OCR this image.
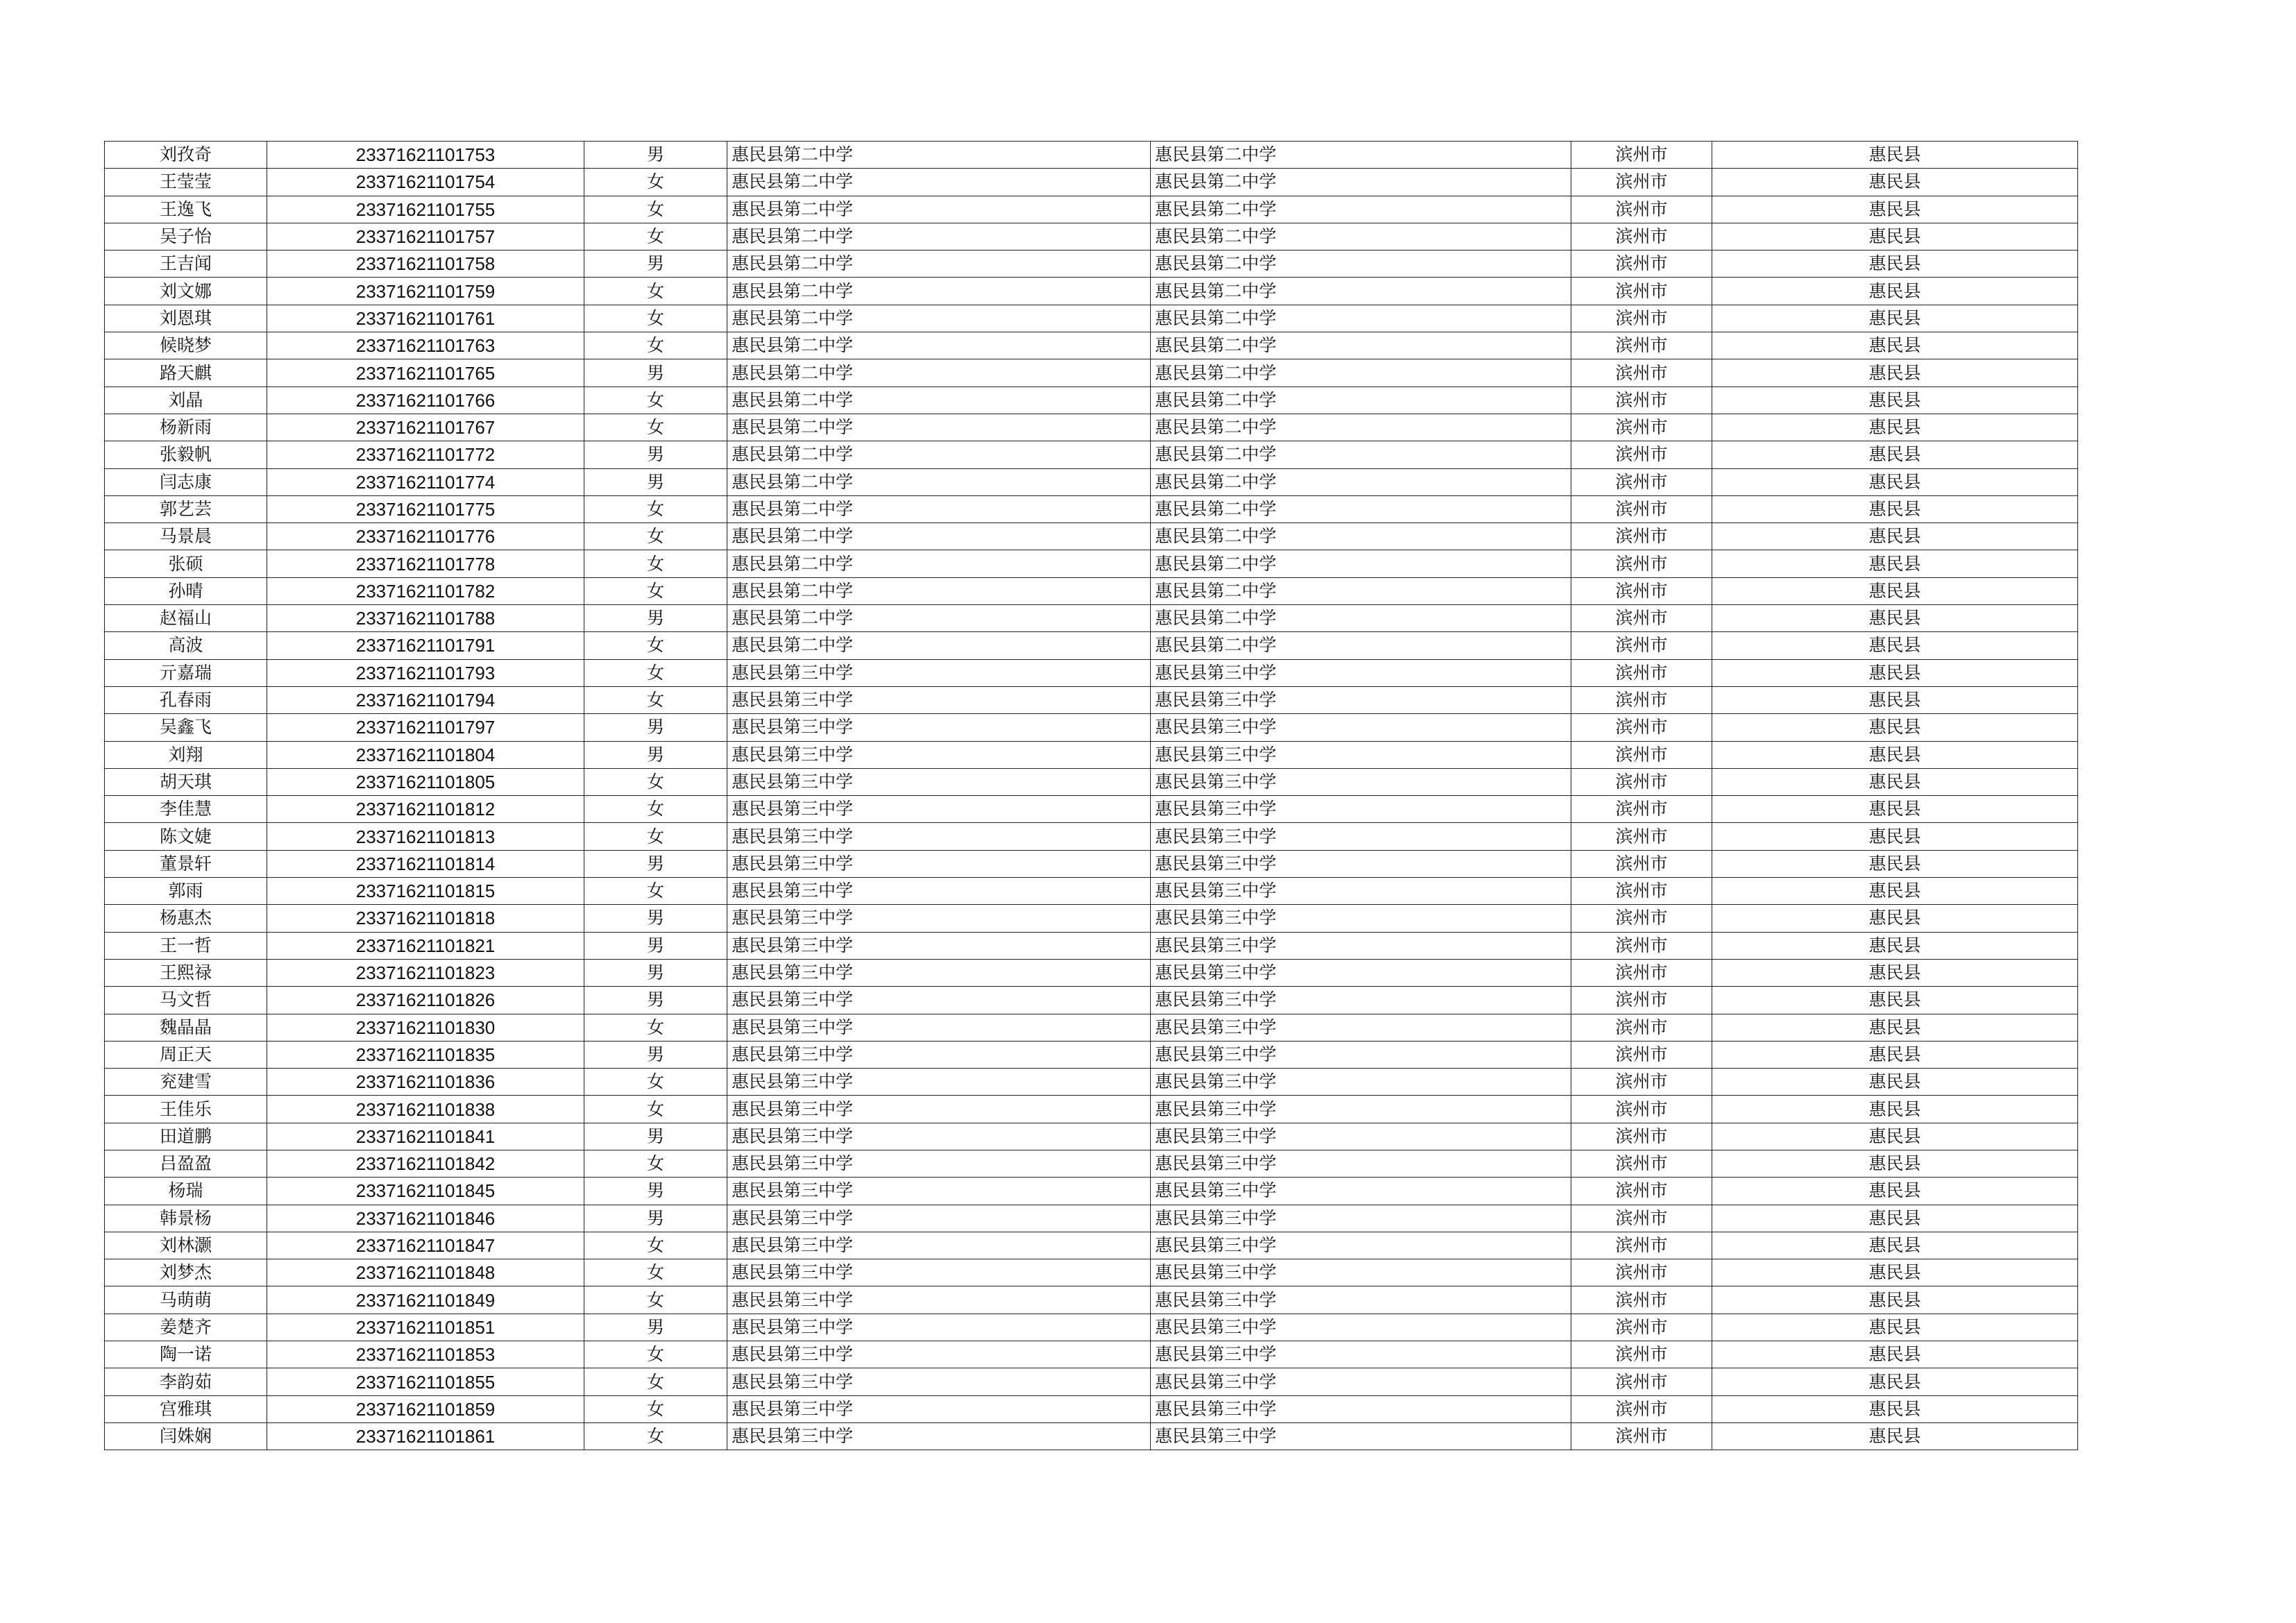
刘孜奇	23371621101753	男	惠民县第二中学	惠民县第二中学	滨州市	惠民县
王莹莹	23371621101754	女	惠民县第二中学	惠民县第二中学	滨州市	惠民县
王逸飞	23371621101755	女	惠民县第二中学	惠民县第二中学	滨州市	惠民县
吴子怡	23371621101757	女	惠民县第二中学	惠民县第二中学	滨州市	惠民县
王吉闻	23371621101758	男	惠民县第二中学	惠民县第二中学	滨州市	惠民县
刘文娜	23371621101759	女	惠民县第二中学	惠民县第二中学	滨州市	惠民县
刘恩琪	23371621101761	女	惠民县第二中学	惠民县第二中学	滨州市	惠民县
候晓梦	23371621101763	女	惠民县第二中学	惠民县第二中学	滨州市	惠民县
路天麒	23371621101765	男	惠民县第二中学	惠民县第二中学	滨州市	惠民县
刘晶	23371621101766	女	惠民县第二中学	惠民县第二中学	滨州市	惠民县
杨新雨	23371621101767	女	惠民县第二中学	惠民县第二中学	滨州市	惠民县
张毅帆	23371621101772	男	惠民县第二中学	惠民县第二中学	滨州市	惠民县
闫志康	23371621101774	男	惠民县第二中学	惠民县第二中学	滨州市	惠民县
郭艺芸	23371621101775	女	惠民县第二中学	惠民县第二中学	滨州市	惠民县
马景晨	23371621101776	女	惠民县第二中学	惠民县第二中学	滨州市	惠民县
张硕	23371621101778	女	惠民县第二中学	惠民县第二中学	滨州市	惠民县
孙晴	23371621101782	女	惠民县第二中学	惠民县第二中学	滨州市	惠民县
赵福山	23371621101788	男	惠民县第二中学	惠民县第二中学	滨州市	惠民县
高波	23371621101791	女	惠民县第二中学	惠民县第二中学	滨州市	惠民县
亓嘉瑞	23371621101793	女	惠民县第三中学	惠民县第三中学	滨州市	惠民县
孔春雨	23371621101794	女	惠民县第三中学	惠民县第三中学	滨州市	惠民县
吴鑫飞	23371621101797	男	惠民县第三中学	惠民县第三中学	滨州市	惠民县
刘翔	23371621101804	男	惠民县第三中学	惠民县第三中学	滨州市	惠民县
胡天琪	23371621101805	女	惠民县第三中学	惠民县第三中学	滨州市	惠民县
李佳慧	23371621101812	女	惠民县第三中学	惠民县第三中学	滨州市	惠民县
陈文婕	23371621101813	女	惠民县第三中学	惠民县第三中学	滨州市	惠民县
董景轩	23371621101814	男	惠民县第三中学	惠民县第三中学	滨州市	惠民县
郭雨	23371621101815	女	惠民县第三中学	惠民县第三中学	滨州市	惠民县
杨惠杰	23371621101818	男	惠民县第三中学	惠民县第三中学	滨州市	惠民县
王一哲	23371621101821	男	惠民县第三中学	惠民县第三中学	滨州市	惠民县
王熙禄	23371621101823	男	惠民县第三中学	惠民县第三中学	滨州市	惠民县
马文哲	23371621101826	男	惠民县第三中学	惠民县第三中学	滨州市	惠民县
魏晶晶	23371621101830	女	惠民县第三中学	惠民县第三中学	滨州市	惠民县
周正天	23371621101835	男	惠民县第三中学	惠民县第三中学	滨州市	惠民县
兖建雪	23371621101836	女	惠民县第三中学	惠民县第三中学	滨州市	惠民县
王佳乐	23371621101838	女	惠民县第三中学	惠民县第三中学	滨州市	惠民县
田道鹏	23371621101841	男	惠民县第三中学	惠民县第三中学	滨州市	惠民县
吕盈盈	23371621101842	女	惠民县第三中学	惠民县第三中学	滨州市	惠民县
杨瑞	23371621101845	男	惠民县第三中学	惠民县第三中学	滨州市	惠民县
韩景杨	23371621101846	男	惠民县第三中学	惠民县第三中学	滨州市	惠民县
刘林灏	23371621101847	女	惠民县第三中学	惠民县第三中学	滨州市	惠民县
刘梦杰	23371621101848	女	惠民县第三中学	惠民县第三中学	滨州市	惠民县
马萌萌	23371621101849	女	惠民县第三中学	惠民县第三中学	滨州市	惠民县
姜楚齐	23371621101851	男	惠民县第三中学	惠民县第三中学	滨州市	惠民县
陶一诺	23371621101853	女	惠民县第三中学	惠民县第三中学	滨州市	惠民县
李韵茹	23371621101855	女	惠民县第三中学	惠民县第三中学	滨州市	惠民县
宫雅琪	23371621101859	女	惠民县第三中学	惠民县第三中学	滨州市	惠民县
闫姝娴	23371621101861	女	惠民县第三中学	惠民县第三中学	滨州市	惠民县
